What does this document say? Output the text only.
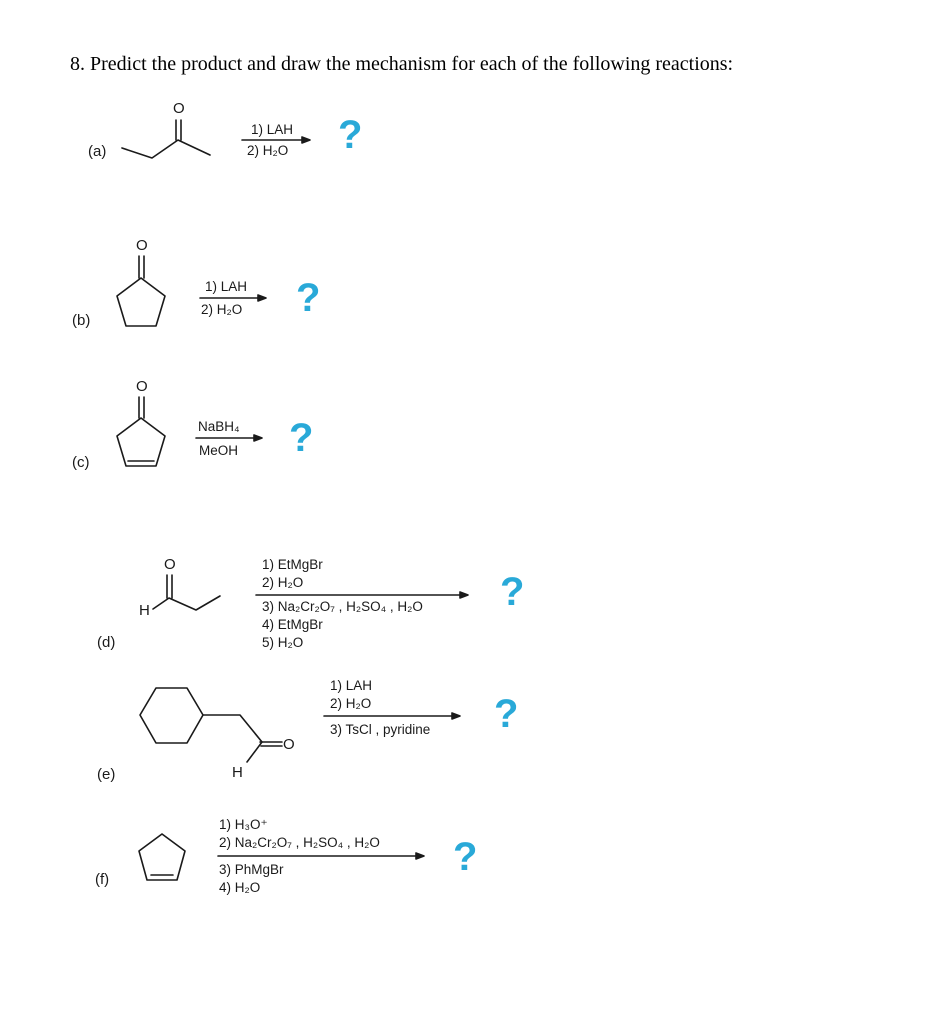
8. Predict the product and draw the mechanism for each of the following reactions:
O
O
O
O
H
O
H
(a)
(b)
(c)
(d)
(e)
(f)
1) LAH
2) H₂O
1) LAH
2) H₂O
NaBH₄
MeOH
1) EtMgBr
2) H₂O
3) Na₂Cr₂O₇ , H₂SO₄ , H₂O
4) EtMgBr
5) H₂O
1) LAH
2) H₂O
3) TsCl , pyridine
1) H₃O⁺
2) Na₂Cr₂O₇ , H₂SO₄ , H₂O
3) PhMgBr
4) H₂O
?
?
?
?
?
?
